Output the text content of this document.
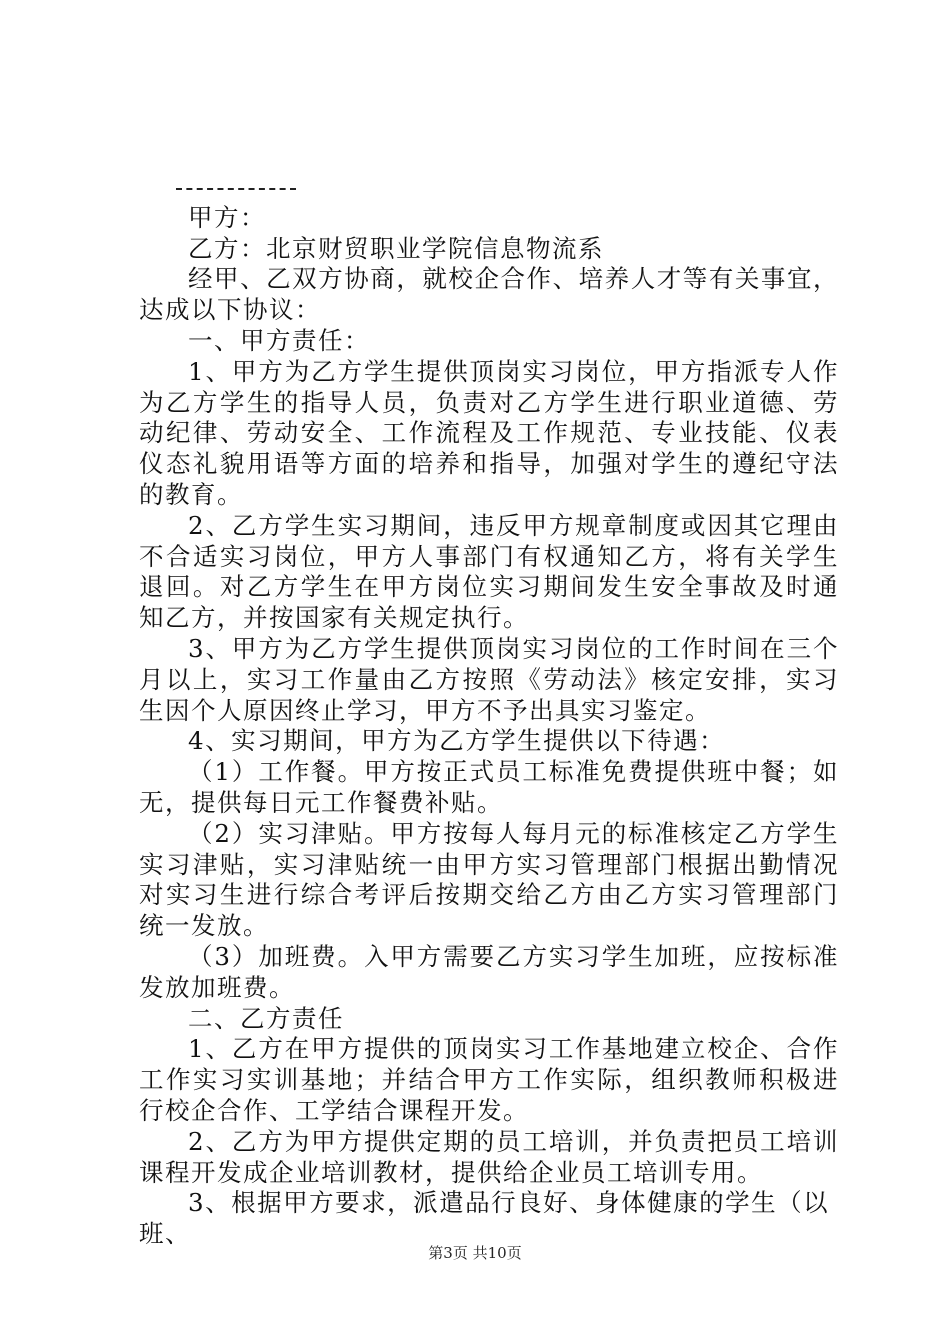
甲方：

乙方：北京财贸职业学院信息物流系

经甲、乙双方协商，就校企合作、培养人才等有关事宜，达成以下协议：

一、甲方责任：

1、甲方为乙方学生提供顶岗实习岗位，甲方指派专人作为乙方学生的指导人员，负责对乙方学生进行职业道德、劳动纪律、劳动安全、工作流程及工作规范、专业技能、仪表仪态礼貌用语等方面的培养和指导，加强对学生的遵纪守法的教育。

2、乙方学生实习期间，违反甲方规章制度或因其它理由不合适实习岗位，甲方人事部门有权通知乙方，将有关学生退回。对乙方学生在甲方岗位实习期间发生安全事故及时通知乙方，并按国家有关规定执行。

3、甲方为乙方学生提供顶岗实习岗位的工作时间在三个月以上，实习工作量由乙方按照《劳动法》核定安排，实习生因个人原因终止学习，甲方不予出具实习鉴定。

4、实习期间，甲方为乙方学生提供以下待遇：

（1）工作餐。甲方按正式员工标准免费提供班中餐；如无，提供每日元工作餐费补贴。

（2）实习津贴。甲方按每人每月元的标准核定乙方学生实习津贴，实习津贴统一由甲方实习管理部门根据出勤情况对实习生进行综合考评后按期交给乙方由乙方实习管理部门统一发放。

（3）加班费。入甲方需要乙方实习学生加班，应按标准发放加班费。

二、乙方责任

1、乙方在甲方提供的顶岗实习工作基地建立校企、合作工作实习实训基地；并结合甲方工作实际，组织教师积极进行校企合作、工学结合课程开发。

2、乙方为甲方提供定期的员工培训，并负责把员工培训课程开发成企业培训教材，提供给企业员工培训专用。

3、根据甲方要求，派遣品行良好、身体健康的学生（以班、

第3页 共10页
